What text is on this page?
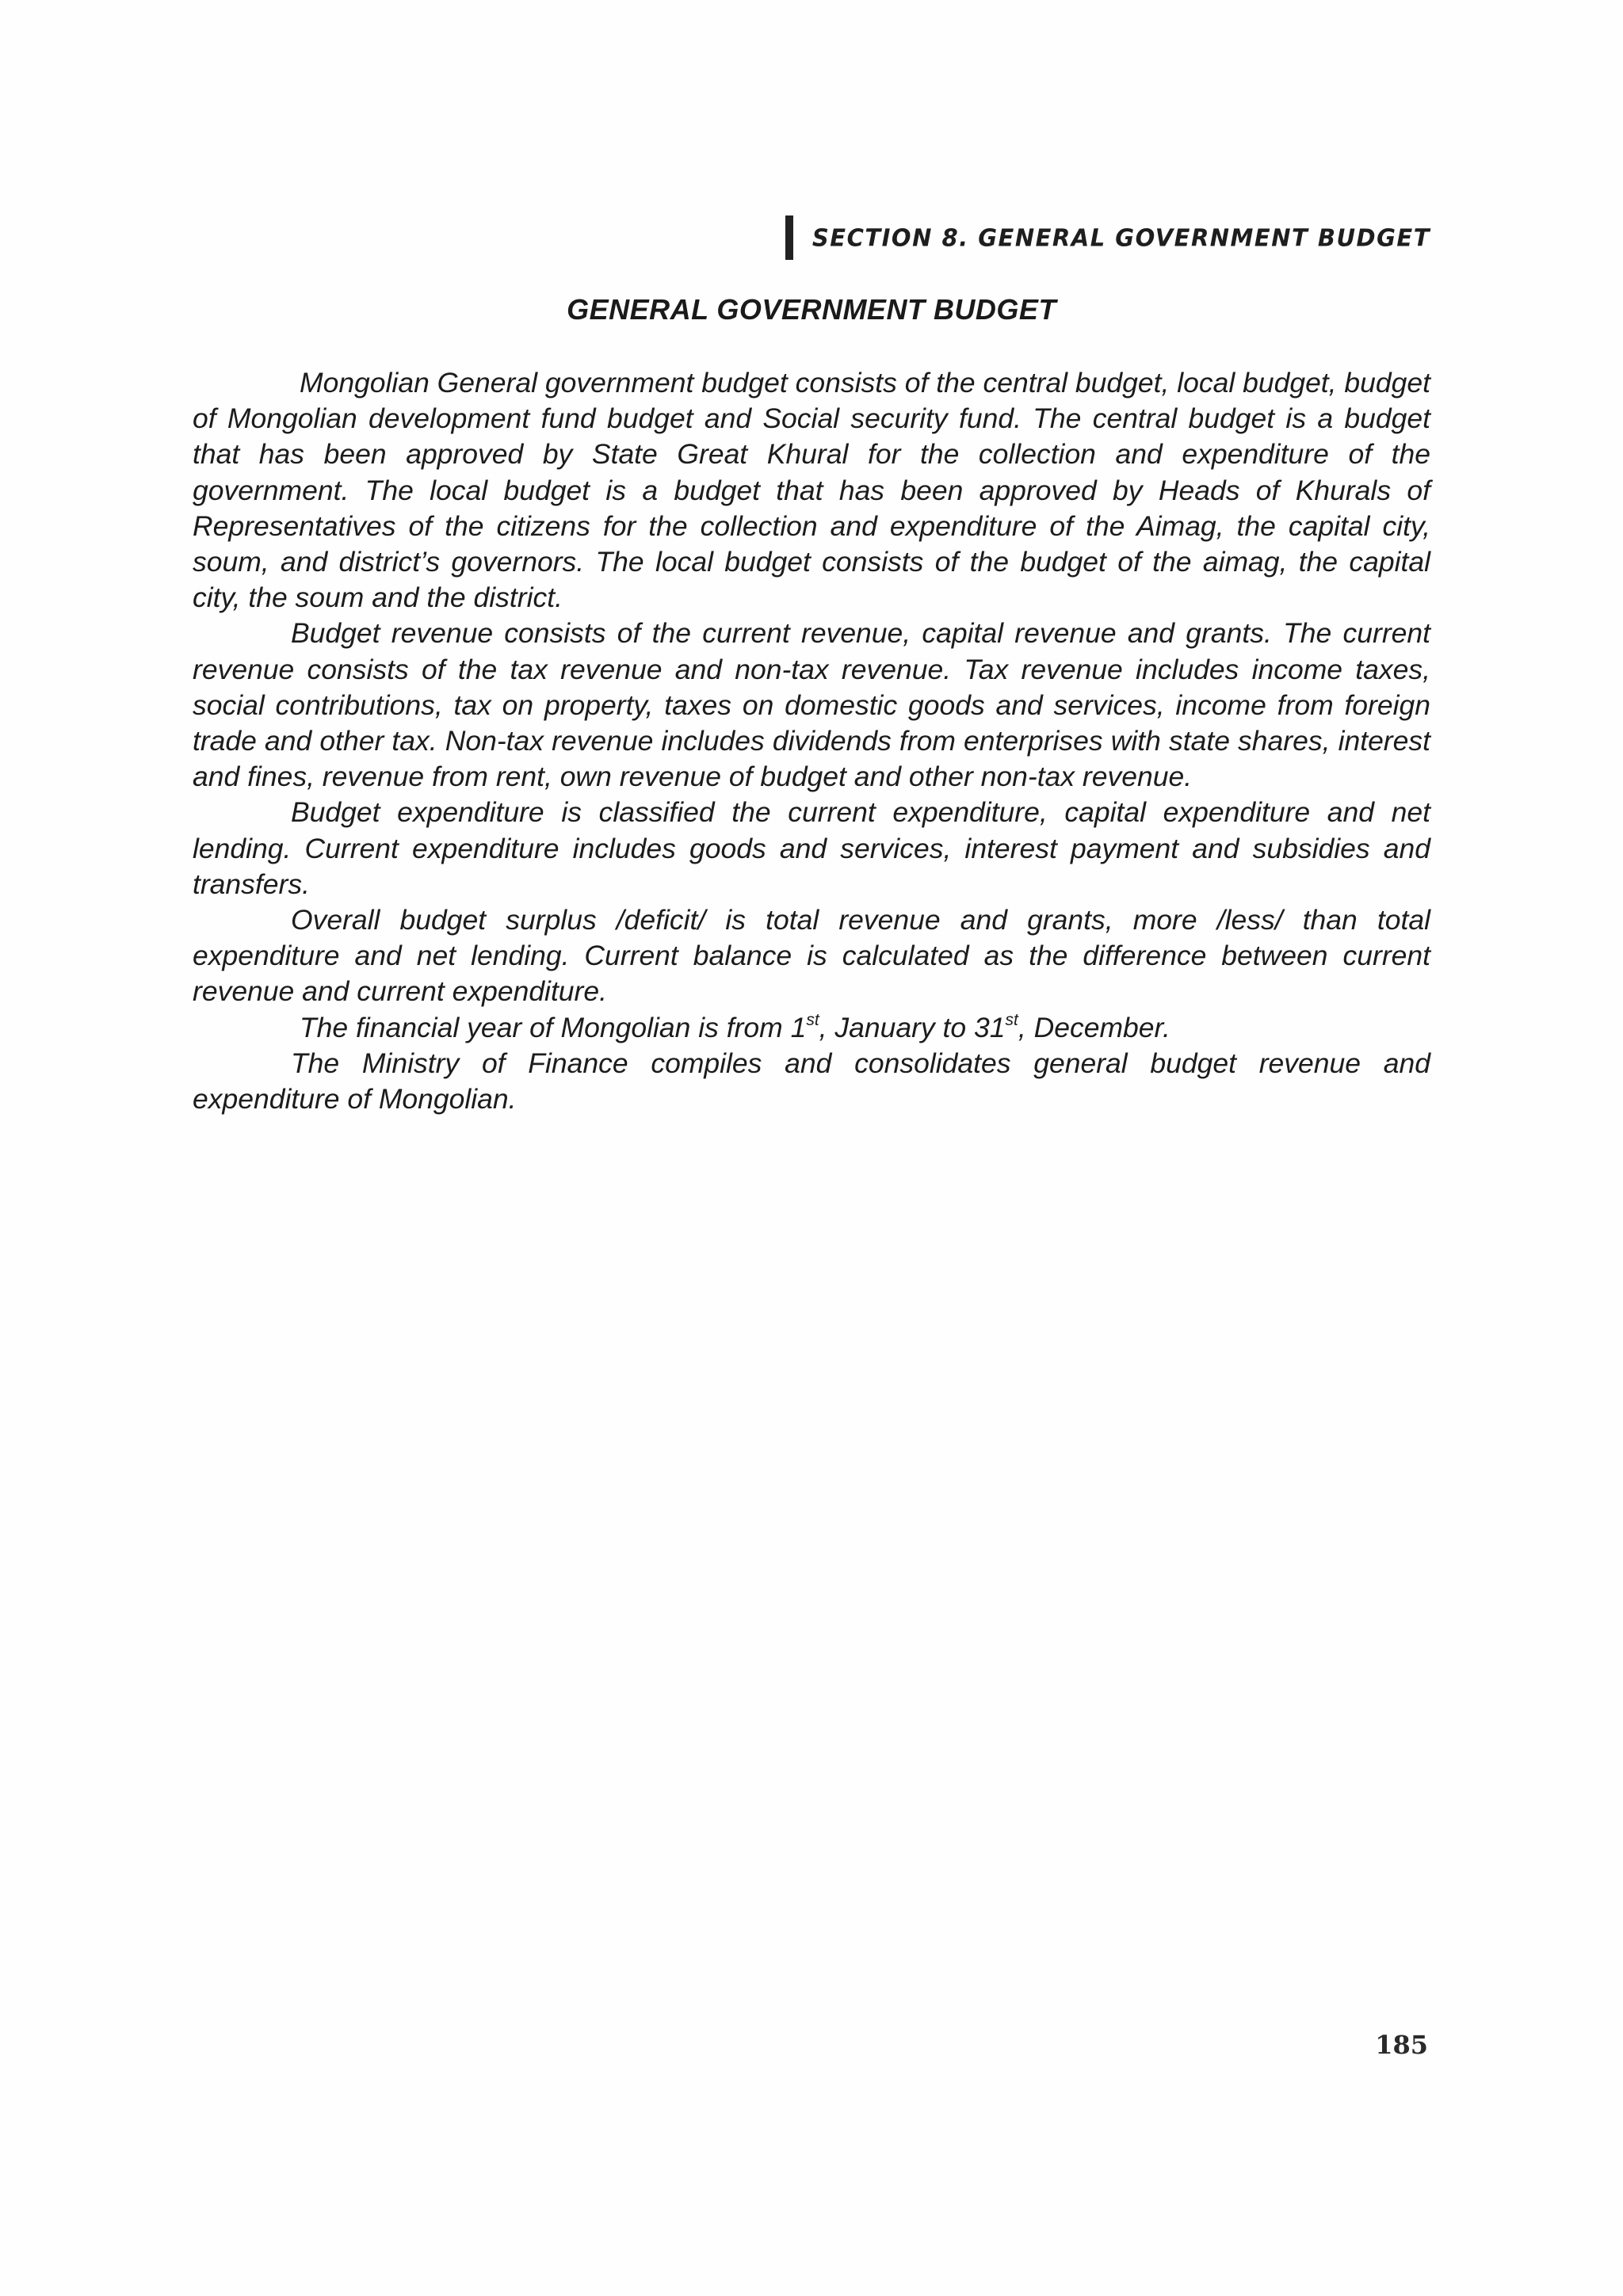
SECTION 8. GENERAL GOVERNMENT BUDGET
GENERAL GOVERNMENT BUDGET

Mongolian General government budget consists of the central budget, local budget, budget of Mongolian development fund budget and Social security fund. The central budget is a budget that has been approved by State Great Khural for the collection and expenditure of the government. The local budget is a budget that has been approved by Heads of Khurals of Representatives of the citizens for the collection and expenditure of the Aimag, the capital city, soum, and district’s governors. The local budget consists of the budget of the aimag, the capital city, the soum and the district.

Budget revenue consists of the current revenue, capital revenue and grants. The current revenue consists of the tax revenue and non-tax revenue. Tax revenue includes income taxes, social contributions, tax on property, taxes on domestic goods and services, income from foreign trade and other tax. Non-tax revenue includes dividends from enterprises with state shares, interest and fines, revenue from rent, own revenue of budget and other non-tax revenue.

Budget expenditure is classified the current expenditure, capital expenditure and net lending. Current expenditure includes goods and services, interest payment and subsidies and transfers.

Overall budget surplus /deficit/ is total revenue and grants, more /less/ than total expenditure and net lending. Current balance is calculated as the difference between current revenue and current expenditure.

The financial year of Mongolian is from 1st, January to 31st, December.

The Ministry of Finance compiles and consolidates general budget revenue and expenditure of Mongolian.

185
